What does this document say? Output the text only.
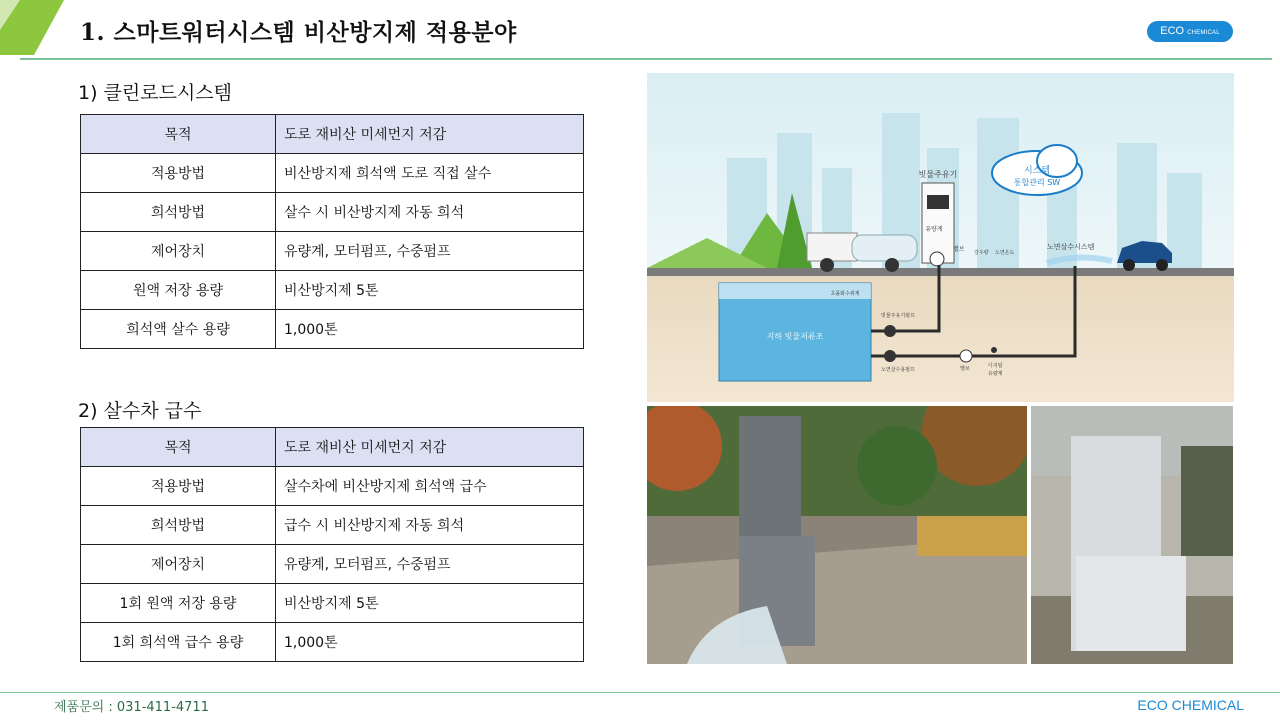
1. 스마트워터시스템 비산방지제 적용분야	ECO CHEMICAL
1) 클린로드시스템
목적	도로 재비산 미세먼지 저감
적용방법	비산방지제 희석액 도로 직접 살수
희석방법	살수 시 비산방지제 자동 희석
제어장치	유량계, 모터펌프, 수중펌프
원액 저장 용량	비산방지제 5톤
희석액 살수 용량	1,000톤
2) 살수차 급수
목적	도로 재비산 미세먼지 저감
적용방법	살수차에 비산방지제 희석액 급수
희석방법	급수 시 비산방지제 자동 희석
제어장치	유량계, 모터펌프, 수중펌프
1회 원액 저장 용량	비산방지제 5톤
1회 희석액 급수 용량	1,000톤
시스템
통합관리 SW
빗물주유기
유량계
밸브 강우량 노면온도
노면살수시스템
지하 빗물저류조
초몰화수위계
빗물주유기펌프
노면살수용펌프	밸브	디지털
유량계
제품문의 : 031-411-4711	ECO CHEMICAL
